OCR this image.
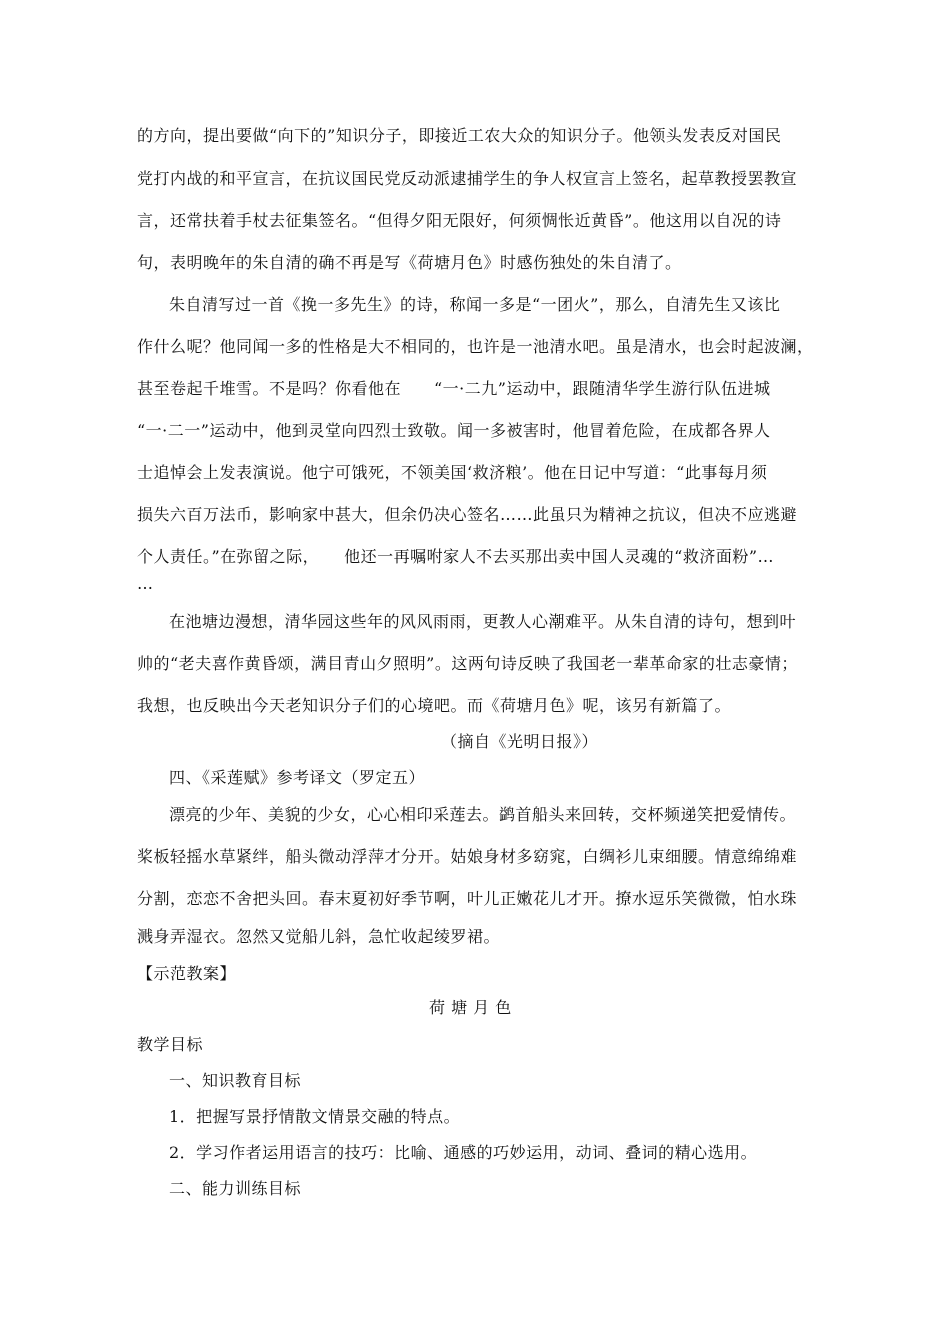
的方向，提出要做“向下的”知识分子，即接近工农大众的知识分子。他领头发表反对国民
党打内战的和平宣言，在抗议国民党反动派逮捕学生的争人权宣言上签名，起草教授罢教宣
言，还常扶着手杖去征集签名。“但得夕阳无限好，何须惆怅近黄昏”。他这用以自况的诗
句，表明晚年的朱自清的确不再是写《荷塘月色》时感伤独处的朱自清了。
朱自清写过一首《挽一多先生》的诗，称闻一多是“一团火”，那么，自清先生又该比
作什么呢？他同闻一多的性格是大不相同的，也许是一池清水吧。虽是清水，也会时起波澜，
甚至卷起千堆雪。不是吗？你看他在　　“一·二九”运动中，跟随清华学生游行队伍进城
“一·二一”运动中，他到灵堂向四烈士致敬。闻一多被害时，他冒着危险，在成都各界人
士追悼会上发表演说。他宁可饿死，不领美国‘救济粮’。他在日记中写道：“此事每月须
损失六百万法币，影响家中甚大，但余仍决心签名……此虽只为精神之抗议，但决不应逃避
个人责任。”在弥留之际，　　他还一再嘱咐家人不去买那出卖中国人灵魂的“救济面粉”…
…
在池塘边漫想，清华园这些年的风风雨雨，更教人心潮难平。从朱自清的诗句，想到叶
帅的“老夫喜作黄昏颂，满目青山夕照明”。这两句诗反映了我国老一辈革命家的壮志豪情；
我想，也反映出今天老知识分子们的心境吧。而《荷塘月色》呢，该另有新篇了。
（摘自《光明日报》）
四、《采莲赋》参考译文（罗定五）
漂亮的少年、美貌的少女，心心相印采莲去。鹢首船头来回转，交杯频递笑把爱情传。
桨板轻摇水草紧绊，船头微动浮萍才分开。姑娘身材多窈窕，白绸衫儿束细腰。情意绵绵难
分割，恋恋不舍把头回。春末夏初好季节啊，叶儿正嫩花儿才开。撩水逗乐笑微微，怕水珠
溅身弄湿衣。忽然又觉船儿斜，急忙收起绫罗裙。
【示范教案】
荷 塘 月 色
教学目标
一、知识教育目标
1．把握写景抒情散文情景交融的特点。
2．学习作者运用语言的技巧：比喻、通感的巧妙运用，动词、叠词的精心选用。
二、能力训练目标
